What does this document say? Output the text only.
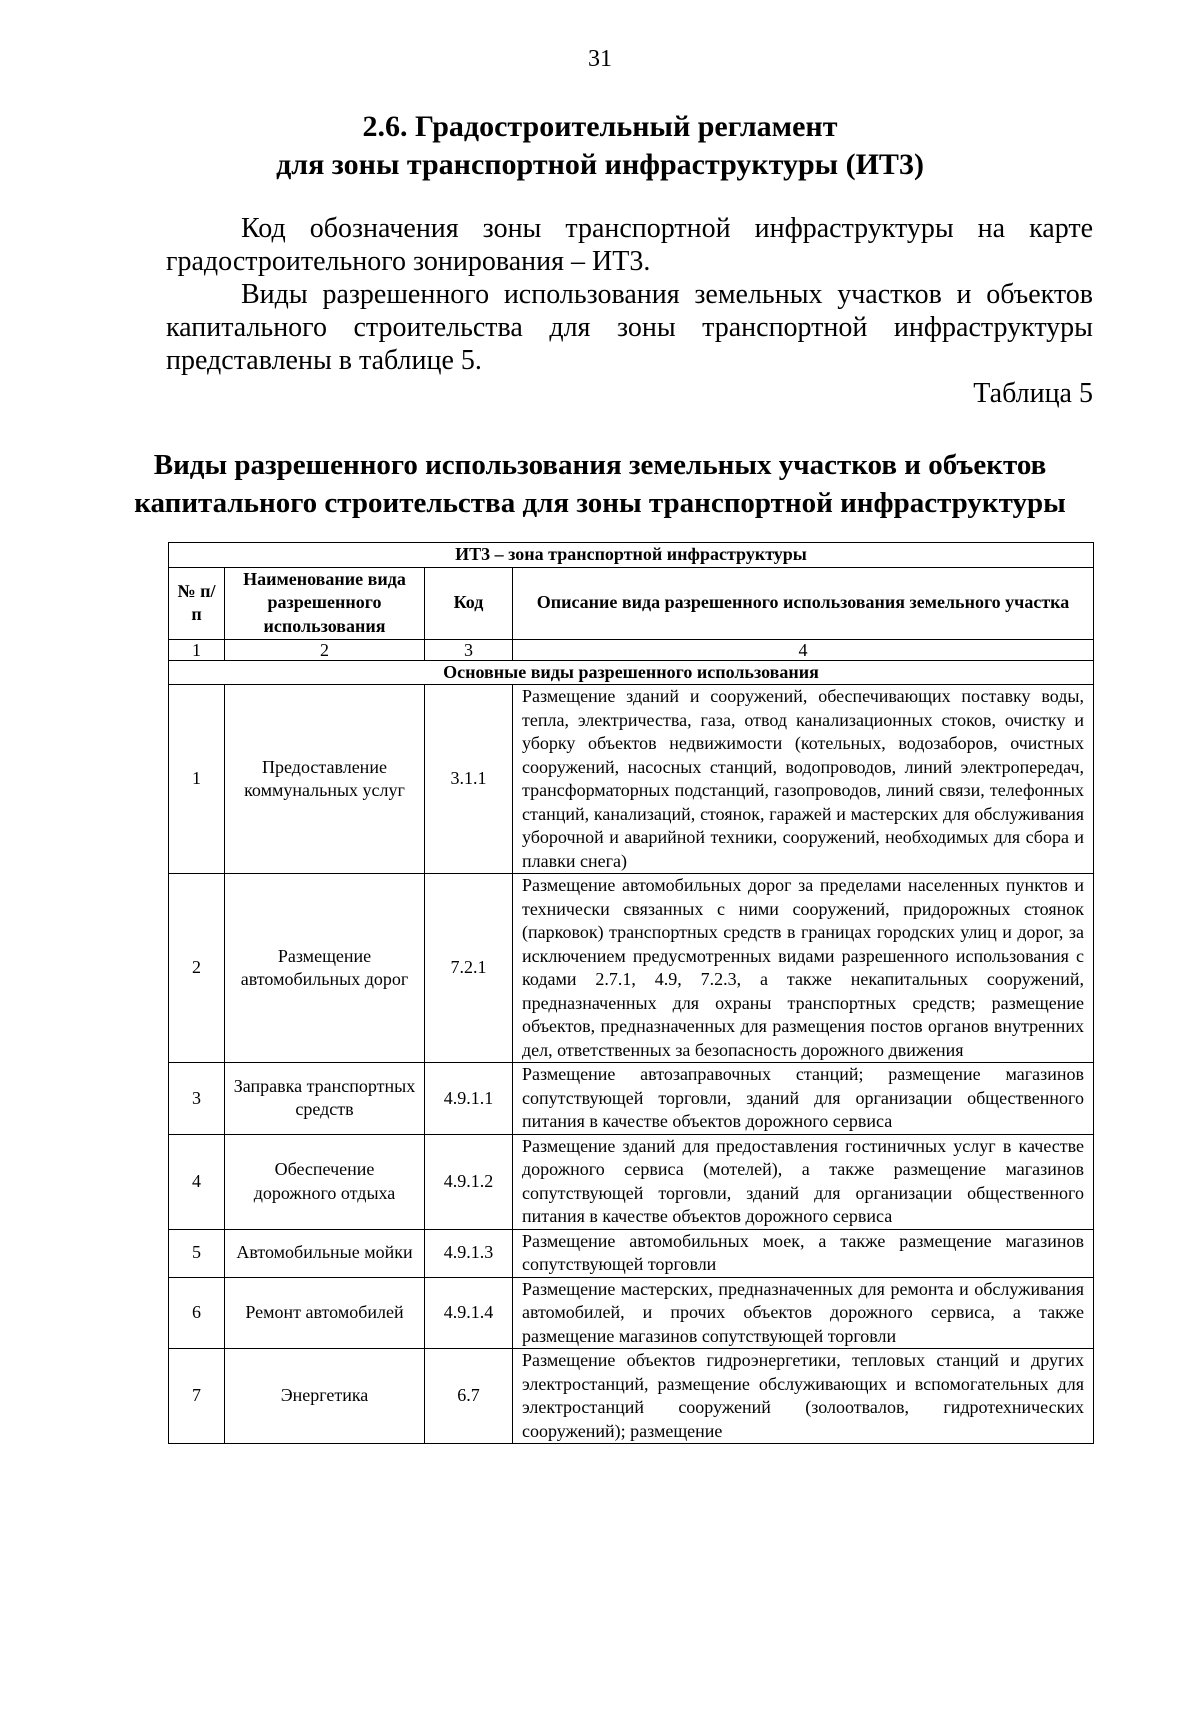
31
2.6. Градостроительный регламент
для зоны транспортной инфраструктуры (ИТ3)

Код обозначения зоны транспортной инфраструктуры на карте градостроительного зонирования – ИТ3.

Виды разрешенного использования земельных участков и объектов капитального строительства для зоны транспортной инфраструктуры представлены в таблице 5.

Таблица 5
Виды разрешенного использования земельных участков и объектов
капитального строительства для зоны транспортной инфраструктуры
ИТ3 – зона транспортной инфраструктуры			
№ п/п	Наименование вида разрешенного использования	Код	Описание вида разрешенного использования земельного участка
1	2	3	4
Основные виды разрешенного использования			
1	Предоставление коммунальных услуг	3.1.1	Размещение зданий и сооружений, обеспечивающих поставку воды, тепла, электричества, газа, отвод канализационных стоков, очистку и уборку объектов недвижимости (котельных, водозаборов, очистных сооружений, насосных станций, водопроводов, линий электропередач, трансформаторных подстанций, газопроводов, линий связи, телефонных станций, канализаций, стоянок, гаражей и мастерских для обслуживания уборочной и аварийной техники, сооружений, необходимых для сбора и плавки снега)
2	Размещение автомобильных дорог	7.2.1	Размещение автомобильных дорог за пределами населенных пунктов и технически связанных с ними сооружений, придорожных стоянок (парковок) транспортных средств в границах городских улиц и дорог, за исключением предусмотренных видами разрешенного использования с кодами 2.7.1, 4.9, 7.2.3, а также некапитальных сооружений, предназначенных для охраны транспортных средств; размещение объектов, предназначенных для размещения постов органов внутренних дел, ответственных за безопасность дорожного движения
3	Заправка транспортных средств	4.9.1.1	Размещение автозаправочных станций; размещение магазинов сопутствующей торговли, зданий для организации общественного питания в качестве объектов дорожного сервиса
4	Обеспечение дорожного отдыха	4.9.1.2	Размещение зданий для предоставления гостиничных услуг в качестве дорожного сервиса (мотелей), а также размещение магазинов сопутствующей торговли, зданий для организации общественного питания в качестве объектов дорожного сервиса
5	Автомобильные мойки	4.9.1.3	Размещение автомобильных моек, а также размещение магазинов сопутствующей торговли
6	Ремонт автомобилей	4.9.1.4	Размещение мастерских, предназначенных для ремонта и обслуживания автомобилей, и прочих объектов дорожного сервиса, а также размещение магазинов сопутствующей торговли
7	Энергетика	6.7	Размещение объектов гидроэнергетики, тепловых станций и других электростанций, размещение обслуживающих и вспомогательных для электростанций сооружений (золоотвалов, гидротехнических сооружений); размещение
